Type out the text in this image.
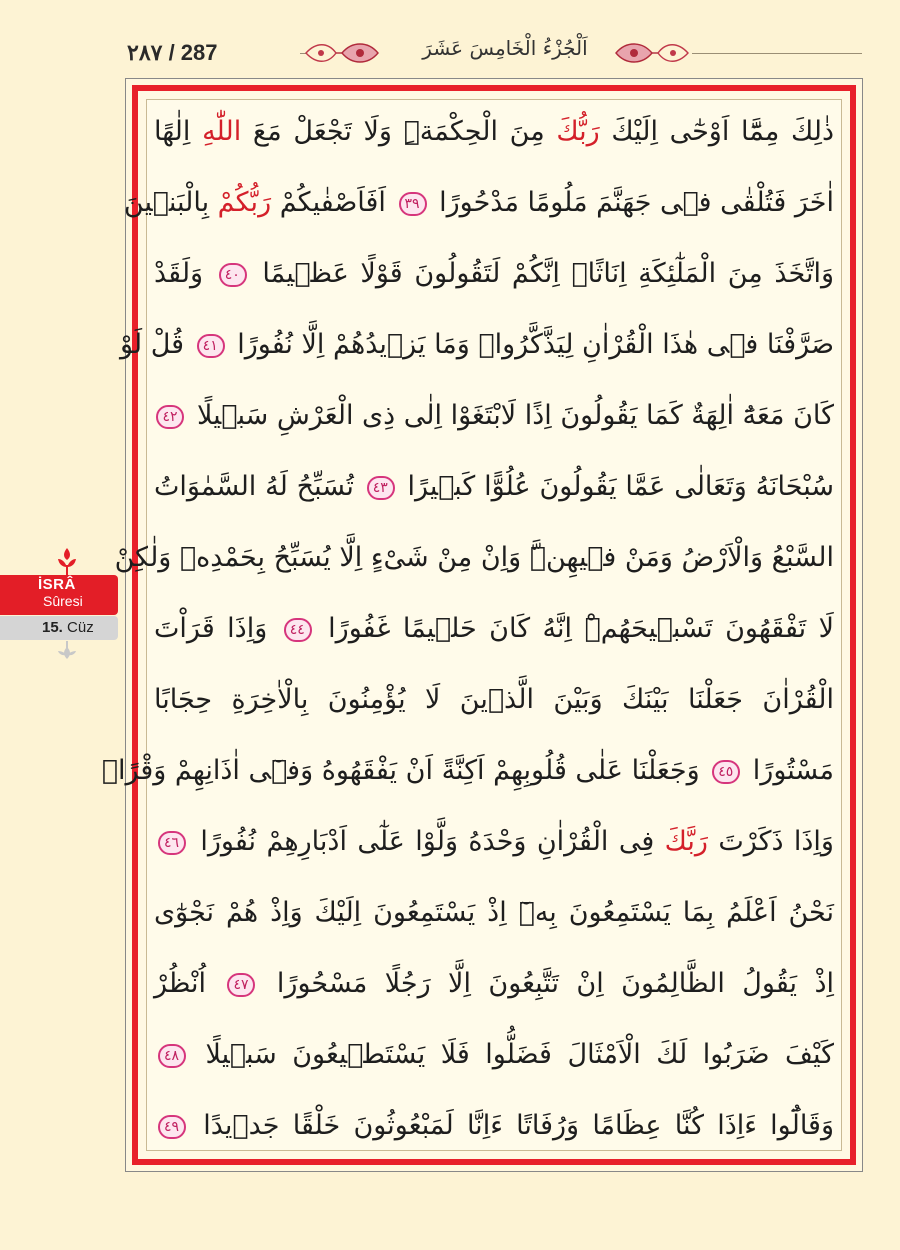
٢٨٧ / 287	اَلْجُزْءُ الْخَامِسَ عَشَرَ
ذٰلِكَ مِمَّٓا اَوْحٰٓى اِلَيْكَ رَبُّكَ مِنَ الْحِكْمَةِۜ وَلَا تَجْعَلْ مَعَ اللّٰهِ اِلٰهًا
اٰخَرَ فَتُلْقٰى فٖى جَهَنَّمَ مَلُومًا مَدْحُورًا ٣٩ اَفَاَصْفٰيكُمْ رَبُّكُمْ بِالْبَنٖينَ
وَاتَّخَذَ مِنَ الْمَلٰٓئِكَةِ اِنَاثًاۜ اِنَّكُمْ لَتَقُولُونَ قَوْلًا عَظٖيمًا ٤٠ وَلَقَدْ
صَرَّفْنَا فٖى هٰذَا الْقُرْاٰنِ لِيَذَّكَّرُواۜ وَمَا يَزٖيدُهُمْ اِلَّا نُفُورًا ٤١ قُلْ لَوْ
كَانَ مَعَهُٓ اٰلِهَةٌ كَمَا يَقُولُونَ اِذًا لَابْتَغَوْا اِلٰى ذِى الْعَرْشِ سَبٖيلًا ٤٢
سُبْحَانَهُ وَتَعَالٰى عَمَّا يَقُولُونَ عُلُوًّا كَبٖيرًا ٤٣ تُسَبِّحُ لَهُ السَّمٰوَاتُ
السَّبْعُ وَالْاَرْضُ وَمَنْ فٖيهِنَّۜ وَاِنْ مِنْ شَیْءٍ اِلَّا يُسَبِّحُ بِحَمْدِهٖ وَلٰكِنْ
لَا تَفْقَهُونَ تَسْبٖيحَهُمْۜ اِنَّهُ كَانَ حَلٖيمًا غَفُورًا ٤٤ وَاِذَا قَرَاْتَ
الْقُرْاٰنَ جَعَلْنَا بَيْنَكَ وَبَيْنَ الَّذٖينَ لَا يُؤْمِنُونَ بِالْاٰخِرَةِ حِجَابًا
مَسْتُورًا ٤٥ وَجَعَلْنَا عَلٰى قُلُوبِهِمْ اَكِنَّةً اَنْ يَفْقَهُوهُ وَفٖٓى اٰذَانِهِمْ وَقْرًاۜ
وَاِذَا ذَكَرْتَ رَبَّكَ فِى الْقُرْاٰنِ وَحْدَهُ وَلَّوْا عَلٰٓى اَدْبَارِهِمْ نُفُورًا ٤٦
نَحْنُ اَعْلَمُ بِمَا يَسْتَمِعُونَ بِهٖٓ اِذْ يَسْتَمِعُونَ اِلَيْكَ وَاِذْ هُمْ نَجْوٰٓى
اِذْ يَقُولُ الظَّالِمُونَ اِنْ تَتَّبِعُونَ اِلَّا رَجُلًا مَسْحُورًا ٤٧ اُنْظُرْ
كَيْفَ ضَرَبُوا لَكَ الْاَمْثَالَ فَضَلُّوا فَلَا يَسْتَطٖيعُونَ سَبٖيلًا ٤٨
وَقَالُٓوا ءَاِذَا كُنَّا عِظَامًا وَرُفَاتًا ءَاِنَّا لَمَبْعُوثُونَ خَلْقًا جَدٖيدًا ٤٩
İSRÂ
Sûresi
15. Cüz
